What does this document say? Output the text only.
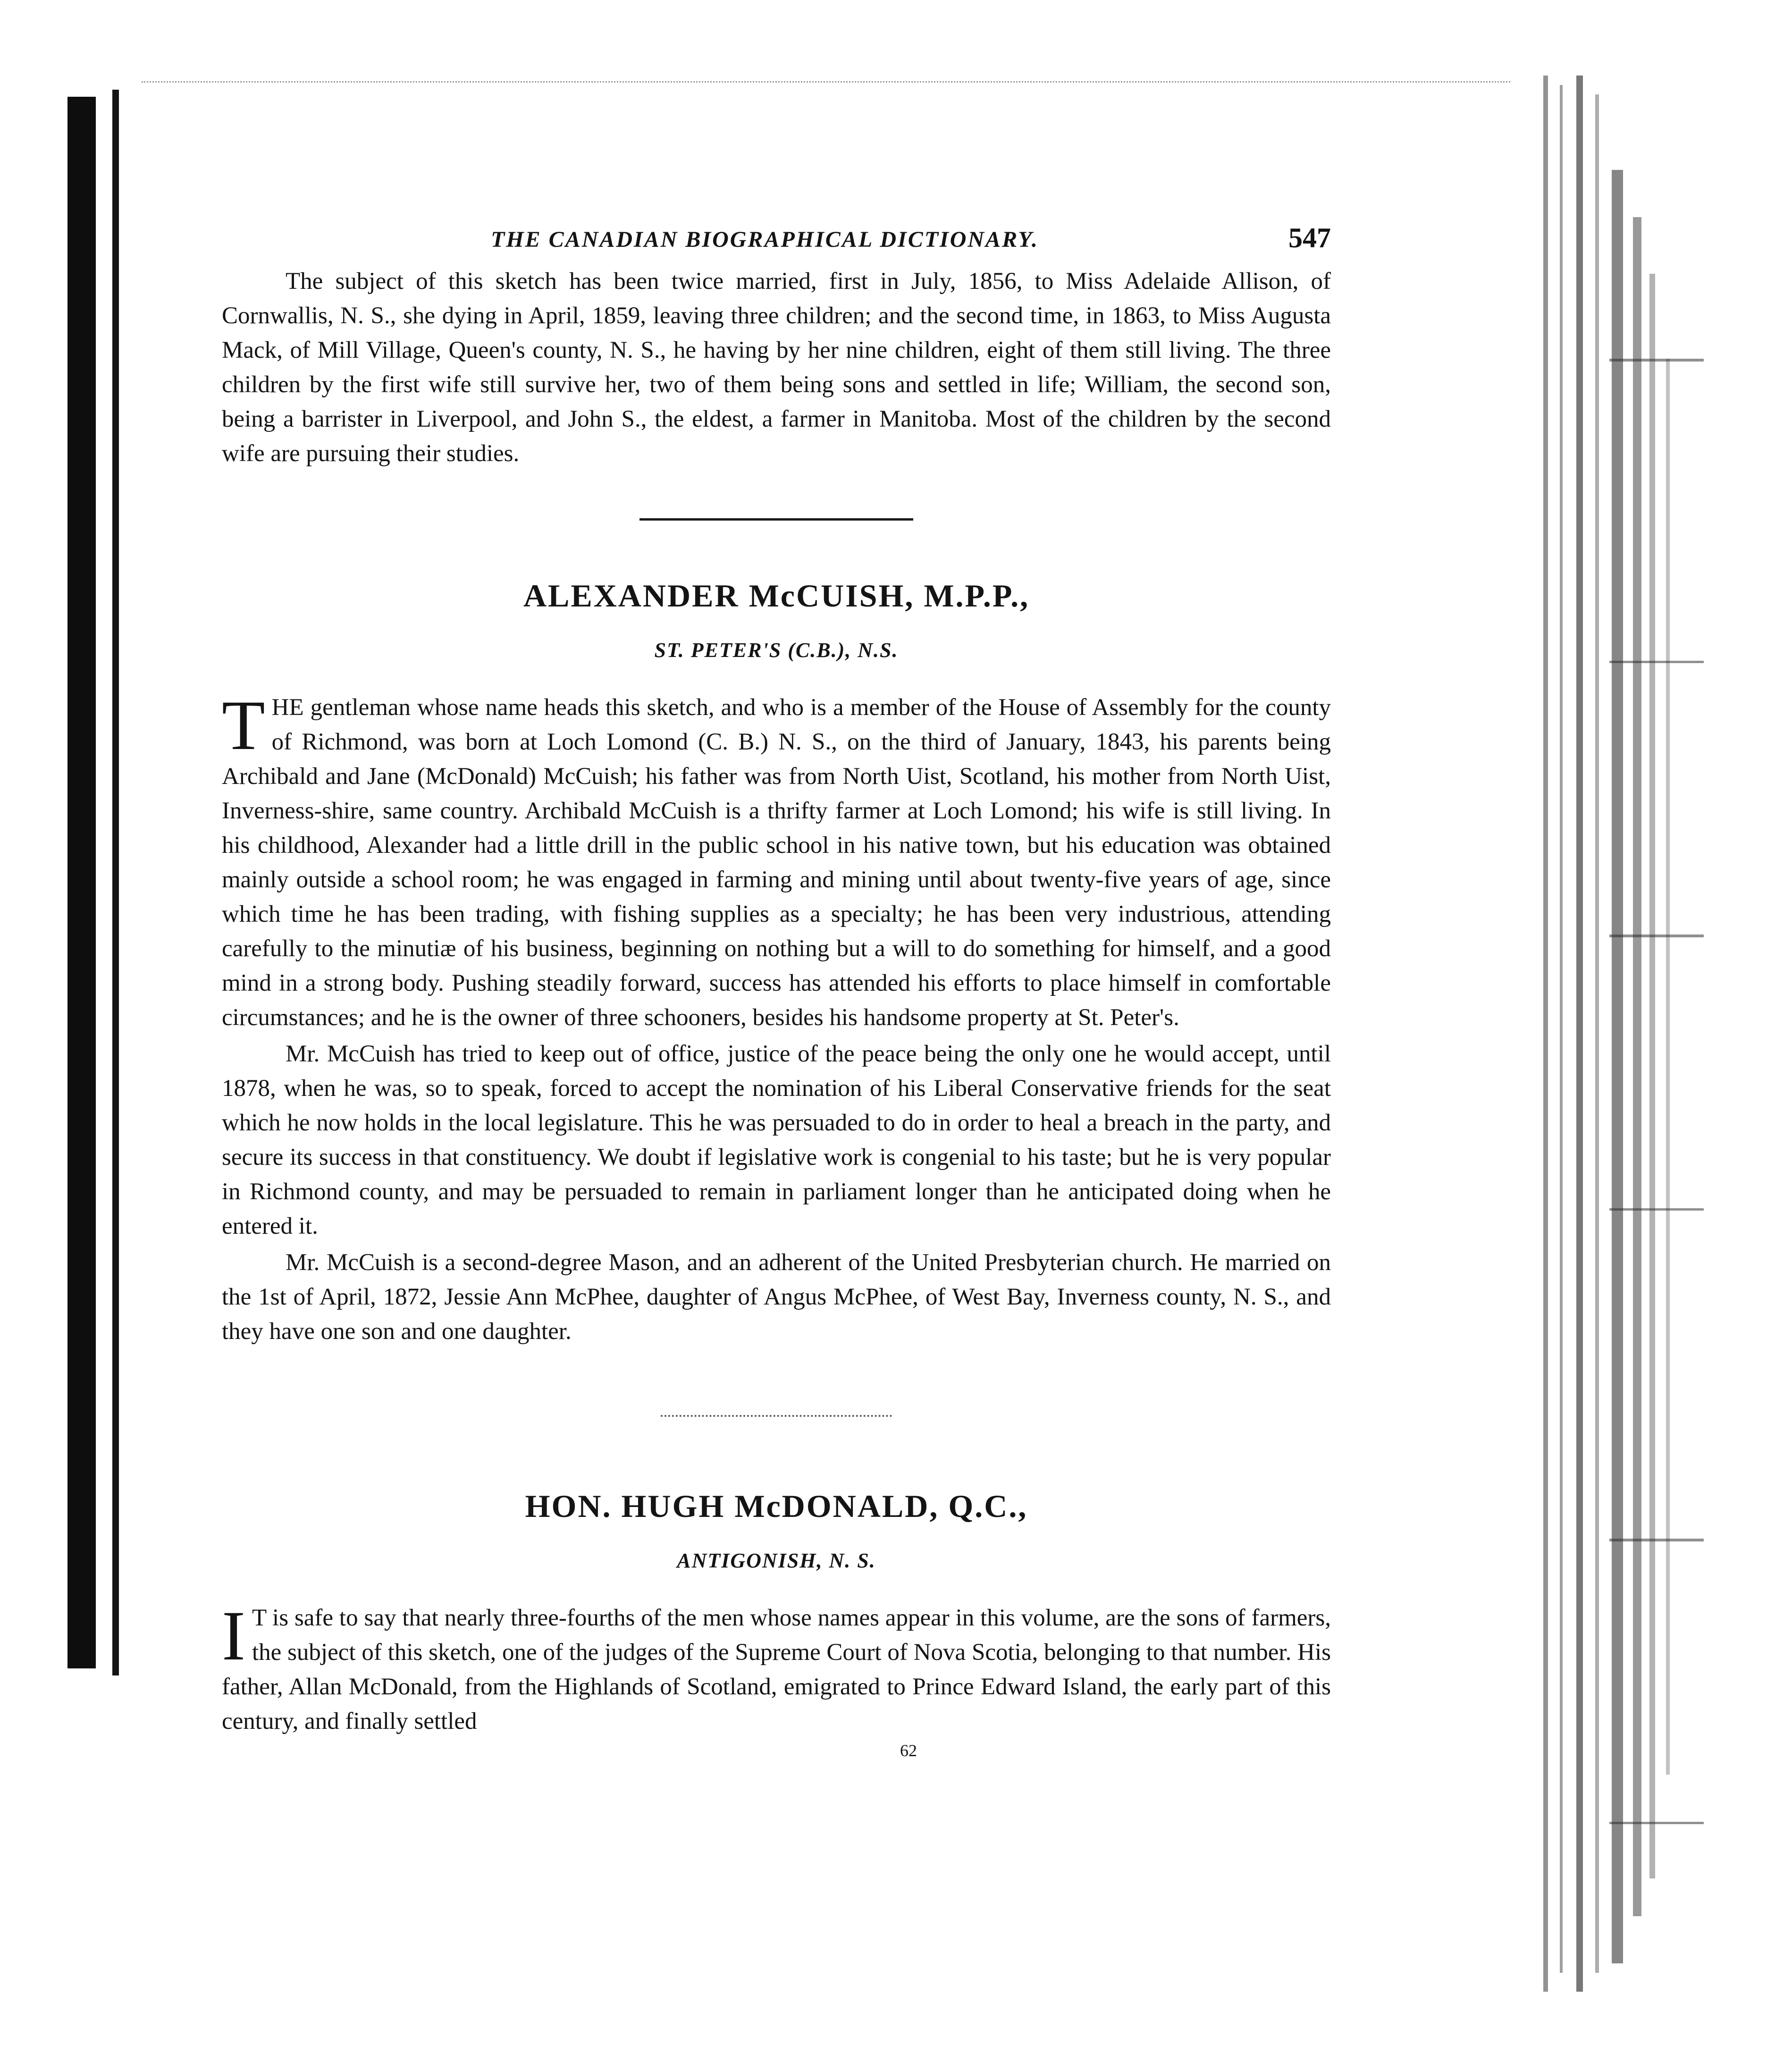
THE CANADIAN BIOGRAPHICAL DICTIONARY.	547

The subject of this sketch has been twice married, first in July, 1856, to Miss Adelaide Allison, of Cornwallis, N. S., she dying in April, 1859, leaving three children; and the second time, in 1863, to Miss Augusta Mack, of Mill Village, Queen's county, N. S., he having by her nine children, eight of them still living. The three children by the first wife still survive her, two of them being sons and settled in life; William, the second son, being a barrister in Liverpool, and John S., the eldest, a farmer in Manitoba. Most of the children by the second wife are pursuing their studies.

ALEXANDER McCUISH, M.P.P.,

ST. PETER'S (C.B.), N.S.

THE gentleman whose name heads this sketch, and who is a member of the House of Assembly for the county of Richmond, was born at Loch Lomond (C. B.) N. S., on the third of January, 1843, his parents being Archibald and Jane (McDonald) McCuish; his father was from North Uist, Scotland, his mother from North Uist, Inverness-shire, same country. Archibald McCuish is a thrifty farmer at Loch Lomond; his wife is still living. In his childhood, Alexander had a little drill in the public school in his native town, but his education was obtained mainly outside a school room; he was engaged in farming and mining until about twenty-five years of age, since which time he has been trading, with fishing supplies as a specialty; he has been very industrious, attending carefully to the minutiæ of his business, beginning on nothing but a will to do something for himself, and a good mind in a strong body. Pushing steadily forward, success has attended his efforts to place himself in comfortable circumstances; and he is the owner of three schooners, besides his handsome property at St. Peter's.

Mr. McCuish has tried to keep out of office, justice of the peace being the only one he would accept, until 1878, when he was, so to speak, forced to accept the nomination of his Liberal Conservative friends for the seat which he now holds in the local legislature. This he was persuaded to do in order to heal a breach in the party, and secure its success in that constituency. We doubt if legislative work is congenial to his taste; but he is very popular in Richmond county, and may be persuaded to remain in parliament longer than he anticipated doing when he entered it.

Mr. McCuish is a second-degree Mason, and an adherent of the United Presbyterian church. He married on the 1st of April, 1872, Jessie Ann McPhee, daughter of Angus McPhee, of West Bay, Inverness county, N. S., and they have one son and one daughter.

HON. HUGH McDONALD, Q.C.,

ANTIGONISH, N. S.

I T is safe to say that nearly three-fourths of the men whose names appear in this volume, are the sons of farmers, the subject of this sketch, one of the judges of the Supreme Court of Nova Scotia, belonging to that number. His father, Allan McDonald, from the Highlands of Scotland, emigrated to Prince Edward Island, the early part of this century, and finally settled

62
